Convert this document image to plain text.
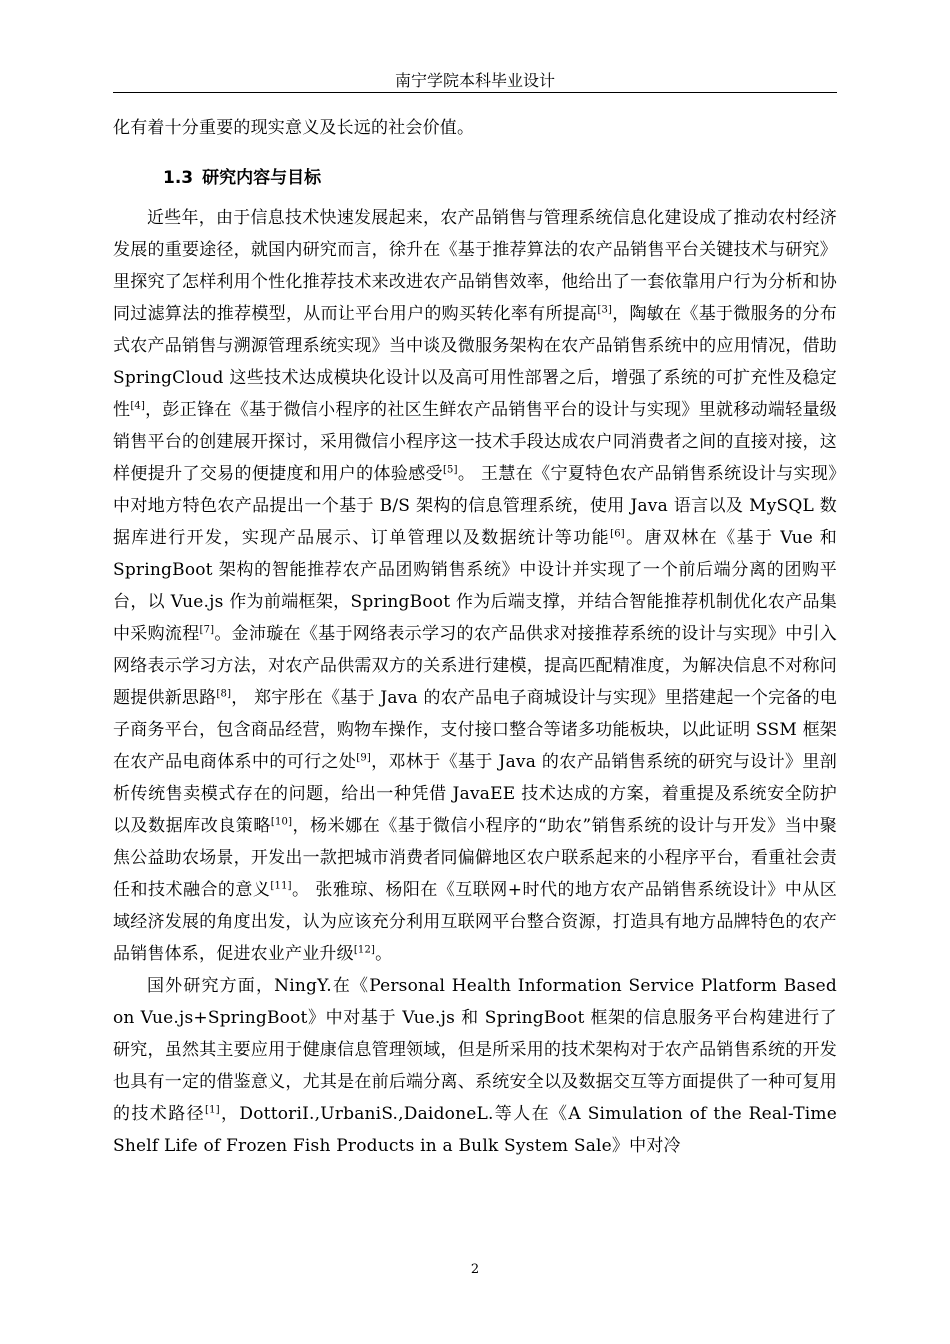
南宁学院本科毕业设计

化有着十分重要的现实意义及长远的社会价值。

1.3 研究内容与目标

近些年，由于信息技术快速发展起来，农产品销售与管理系统信息化建设成了推动农村经济发展的重要途径，就国内研究而言，徐升在《基于推荐算法的农产品销售平台关键技术与研究》里探究了怎样利用个性化推荐技术来改进农产品销售效率，他给出了一套依靠用户行为分析和协同过滤算法的推荐模型，从而让平台用户的购买转化率有所提高[3]，陶敏在《基于微服务的分布式农产品销售与溯源管理系统实现》当中谈及微服务架构在农产品销售系统中的应用情况，借助 SpringCloud 这些技术达成模块化设计以及高可用性部署之后，增强了系统的可扩充性及稳定性[4]，彭正锋在《基于微信小程序的社区生鲜农产品销售平台的设计与实现》里就移动端轻量级销售平台的创建展开探讨，采用微信小程序这一技术手段达成农户同消费者之间的直接对接，这样便提升了交易的便捷度和用户的体验感受[5]。 王慧在《宁夏特色农产品销售系统设计与实现》中对地方特色农产品提出一个基于 B/S 架构的信息管理系统，使用 Java 语言以及 MySQL 数据库进行开发，实现产品展示、订单管理以及数据统计等功能[6]。唐双林在《基于 Vue 和 SpringBoot 架构的智能推荐农产品团购销售系统》中设计并实现了一个前后端分离的团购平台，以 Vue.js 作为前端框架，SpringBoot 作为后端支撑，并结合智能推荐机制优化农产品集中采购流程[7]。金沛璇在《基于网络表示学习的农产品供求对接推荐系统的设计与实现》中引入网络表示学习方法，对农产品供需双方的关系进行建模，提高匹配精准度，为解决信息不对称问题提供新思路[8]， 郑宇彤在《基于 Java 的农产品电子商城设计与实现》里搭建起一个完备的电子商务平台，包含商品经营，购物车操作，支付接口整合等诸多功能板块，以此证明 SSM 框架在农产品电商体系中的可行之处[9]，邓林于《基于 Java 的农产品销售系统的研究与设计》里剖析传统售卖模式存在的问题，给出一种凭借 JavaEE 技术达成的方案，着重提及系统安全防护以及数据库改良策略[10]，杨米娜在《基于微信小程序的“助农”销售系统的设计与开发》当中聚焦公益助农场景，开发出一款把城市消费者同偏僻地区农户联系起来的小程序平台，看重社会责任和技术融合的意义[11]。 张雅琼、杨阳在《互联网+时代的地方农产品销售系统设计》中从区域经济发展的角度出发，认为应该充分利用互联网平台整合资源，打造具有地方品牌特色的农产品销售体系，促进农业产业升级[12]。

国外研究方面，NingY.在《Personal Health Information Service Platform Based on Vue.js+SpringBoot》中对基于 Vue.js 和 SpringBoot 框架的信息服务平台构建进行了研究，虽然其主要应用于健康信息管理领域，但是所采用的技术架构对于农产品销售系统的开发也具有一定的借鉴意义，尤其是在前后端分离、系统安全以及数据交互等方面提供了一种可复用的技术路径[1]，DottoriI.,UrbaniS.,DaidoneL.等人在《A Simulation of the Real-Time Shelf Life of Frozen Fish Products in a Bulk System Sale》中对冷

2
